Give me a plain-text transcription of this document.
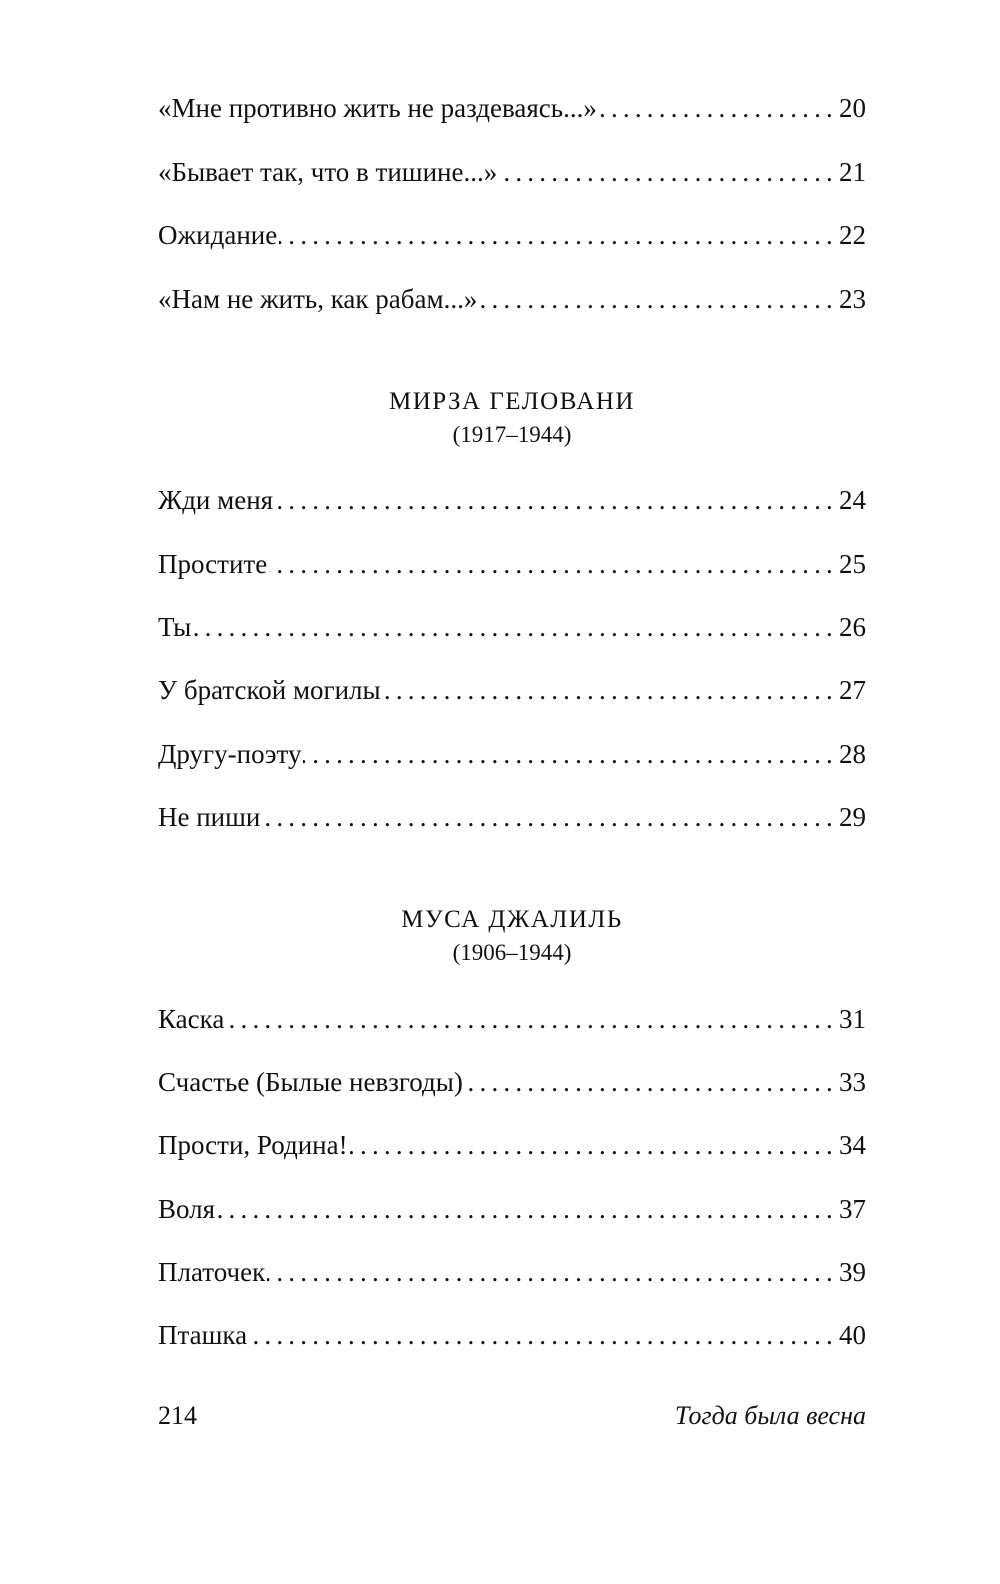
«Мне противно жить не раздеваясь...» .....	20
«Бывает так, что в тишине...» .....	21
Ожидание .....	22
«Нам не жить, как рабам...» .....	23
МИРЗА ГЕЛОВАНИ
(1917–1944)
Жди меня .....	24
Простите .....	25
Ты .....	26
У братской могилы .....	27
Другу-поэту .....	28
Не пиши .....	29
МУСА ДЖАЛИЛЬ
(1906–1944)
Каска .....	31
Счастье (Былые невзгоды) .....	33
Прости, Родина! .....	34
Воля .....	37
Платочек .....	39
Пташка .....	40
214	Тогда была весна
